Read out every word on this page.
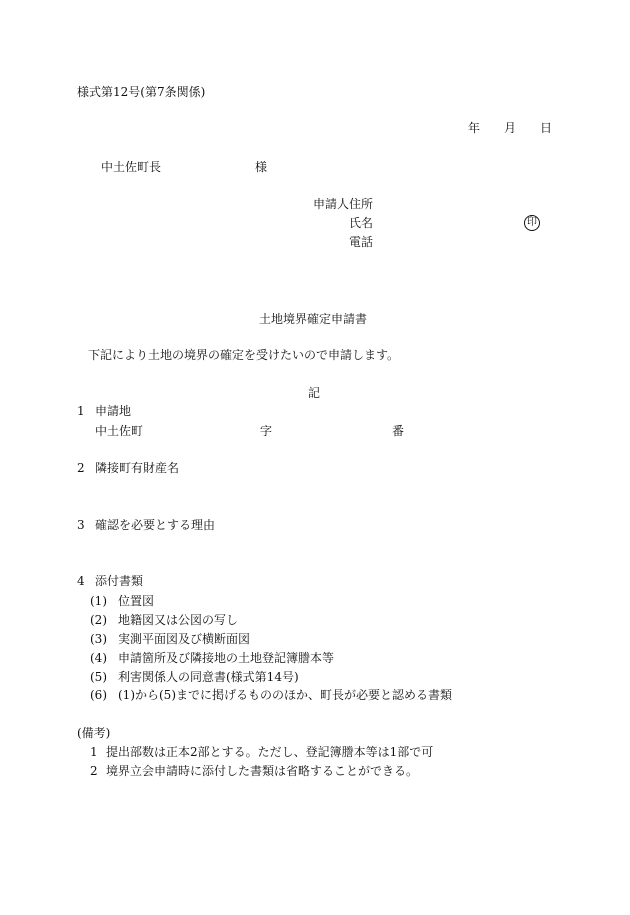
様式第12号(第7条関係)
年 月 日
中土佐町長	様
申請人住所
氏名	印
電話
土地境界確定申請書
下記により土地の境界の確定を受けたいので申請します。
記
1 申請地
中土佐町	字	番
2 隣接町有財産名
3 確認を必要とする理由
4 添付書類
(1) 位置図
(2) 地籍図又は公図の写し
(3) 実測平面図及び横断面図
(4) 申請箇所及び隣接地の土地登記簿謄本等
(5) 利害関係人の同意書(様式第14号)
(6) (1)から(5)までに掲げるもののほか、町長が必要と認める書類
(備考)
1 提出部数は正本2部とする。ただし、登記簿謄本等は1部で可
2 境界立会申請時に添付した書類は省略することができる。
